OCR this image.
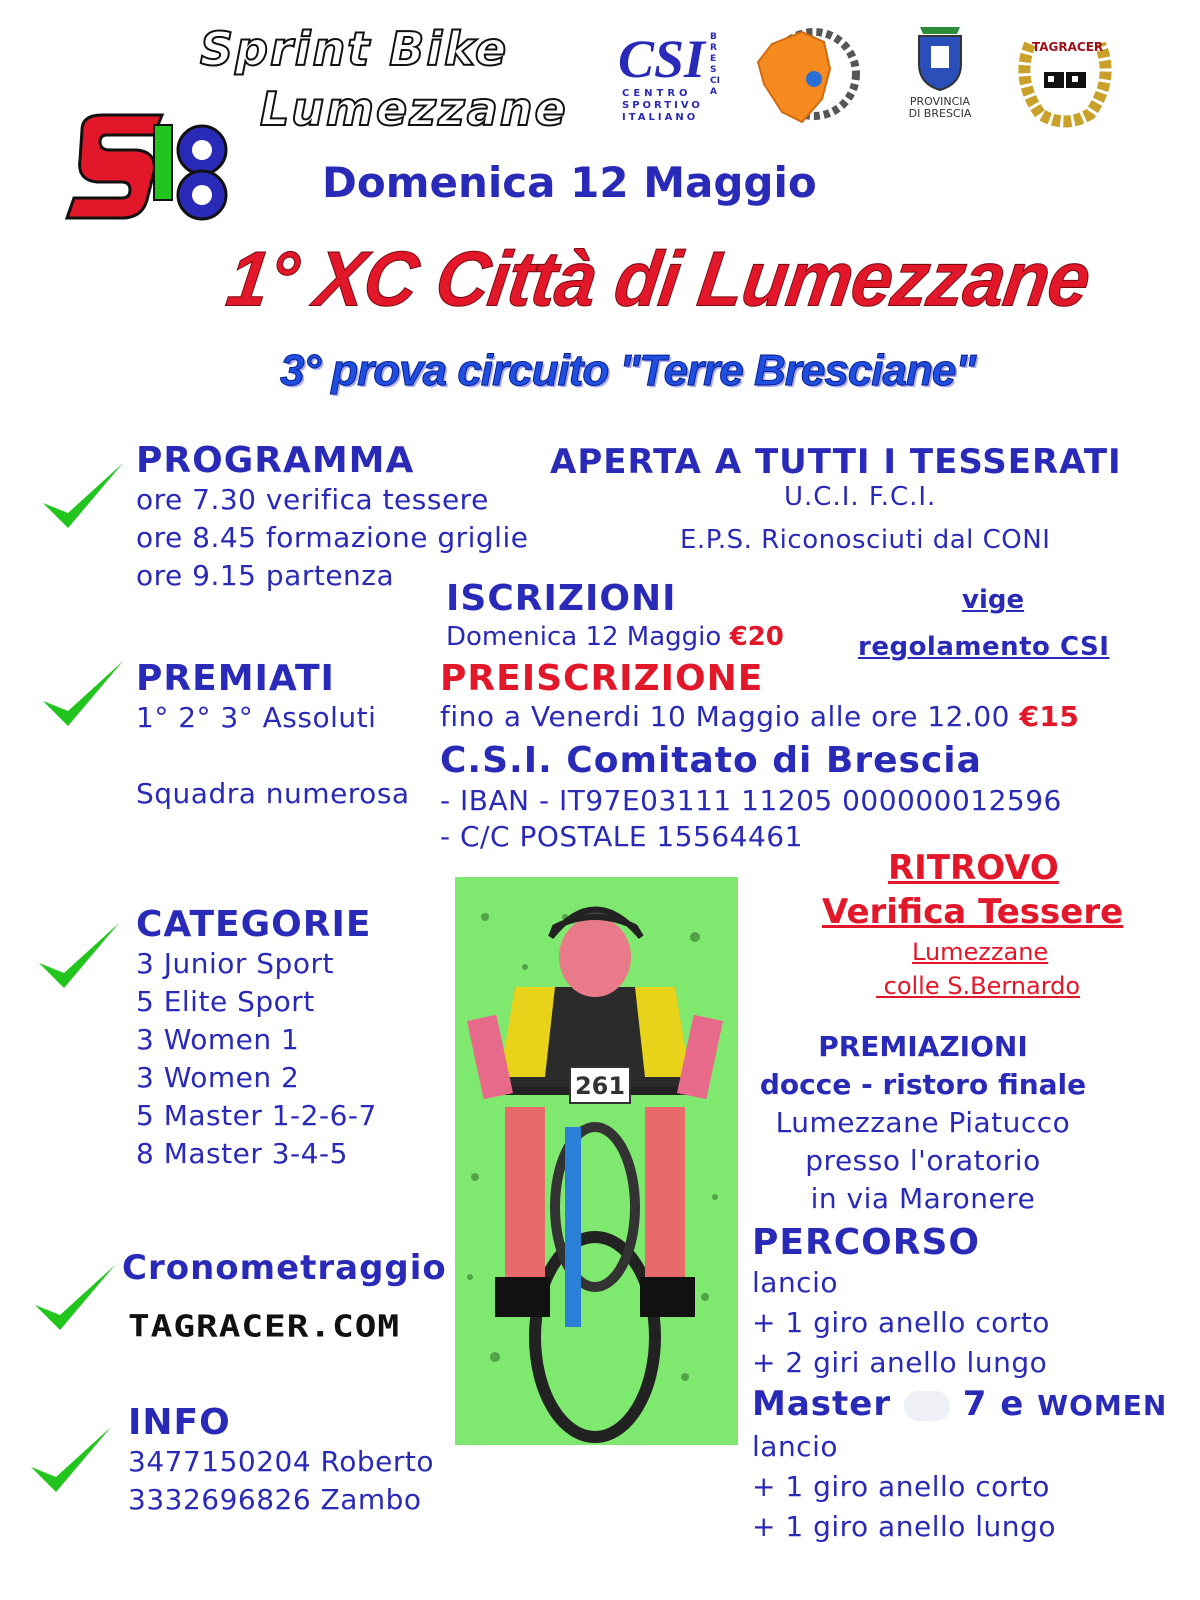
Sprint Bike
Lumezzane
CSI BRESCIA
CENTRO
SPORTIVO
ITALIANO
PROVINCIA
DI BRESCIA
TAGRACER
Domenica 12 Maggio
1° XC Città di Lumezzane
3° prova circuito "Terre Bresciane"
PROGRAMMA
ore 7.30 verifica tessere
ore 8.45 formazione griglie
ore 9.15 partenza
APERTA A TUTTI I TESSERATI
U.C.I. F.C.I.
E.P.S. Riconosciuti dal CONI
ISCRIZIONI
Domenica 12 Maggio €20
vige
regolamento CSI
PREMIATI
1° 2° 3° Assoluti
Squadra numerosa
PREISCRIZIONE
fino a Venerdi 10 Maggio alle ore 12.00 €15
C.S.I. Comitato di Brescia
- IBAN - IT97E03111 11205 000000012596
- C/C POSTALE 15564461
CATEGORIE
3 Junior Sport
5 Elite Sport
3 Women 1
3 Women 2
5 Master 1-2-6-7
8 Master 3-4-5
261
RITROVO
Verifica Tessere
Lumezzane
colle S.Bernardo
PREMIAZIONI
docce - ristoro finale
Lumezzane Piatucco
presso l'oratorio
in via Maronere
PERCORSO
lancio
+ 1 giro anello corto
+ 2 giri anello lungo
Master 7 e WOMEN
lancio
+ 1 giro anello corto
+ 1 giro anello lungo
Cronometraggio
TAGRACER.COM
INFO
3477150204 Roberto
3332696826 Zambo
